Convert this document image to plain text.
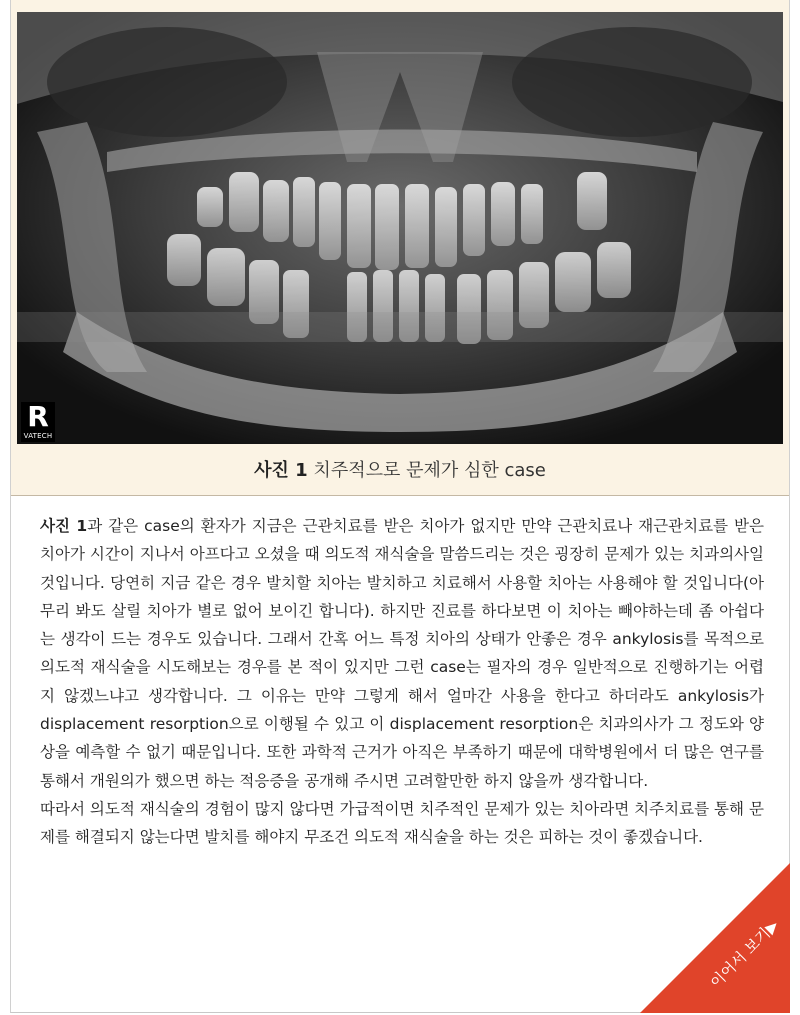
R
VATECH
사진 1 치주적으로 문제가 심한 case

사진 1과 같은 case의 환자가 지금은 근관치료를 받은 치아가 없지만 만약 근관치료나 재근관치료를 받은 치아가 시간이 지나서 아프다고 오셨을 때 의도적 재식술을 말씀드리는 것은 굉장히 문제가 있는 치과의사일 것입니다. 당연히 지금 같은 경우 발치할 치아는 발치하고 치료해서 사용할 치아는 사용해야 할 것입니다(아무리 봐도 살릴 치아가 별로 없어 보이긴 합니다). 하지만 진료를 하다보면 이 치아는 빼야하는데 좀 아쉽다는 생각이 드는 경우도 있습니다. 그래서 간혹 어느 특정 치아의 상태가 안좋은 경우 ankylosis를 목적으로 의도적 재식술을 시도해보는 경우를 본 적이 있지만 그런 case는 필자의 경우 일반적으로 진행하기는 어렵지 않겠느냐고 생각합니다. 그 이유는 만약 그렇게 해서 얼마간 사용을 한다고 하더라도 ankylosis가 displacement resorption으로 이행될 수 있고 이 displacement resorption은 치과의사가 그 정도와 양상을 예측할 수 없기 때문입니다. 또한 과학적 근거가 아직은 부족하기 때문에 대학병원에서 더 많은 연구를 통해서 개원의가 했으면 하는 적응증을 공개해 주시면 고려할만한 하지 않을까 생각합니다.

따라서 의도적 재식술의 경험이 많지 않다면 가급적이면 치주적인 문제가 있는 치아라면 치주치료를 통해 문제를 해결되지 않는다면 발치를 해야지 무조건 의도적 재식술을 하는 것은 피하는 것이 좋겠습니다.

이어서 보기▶
